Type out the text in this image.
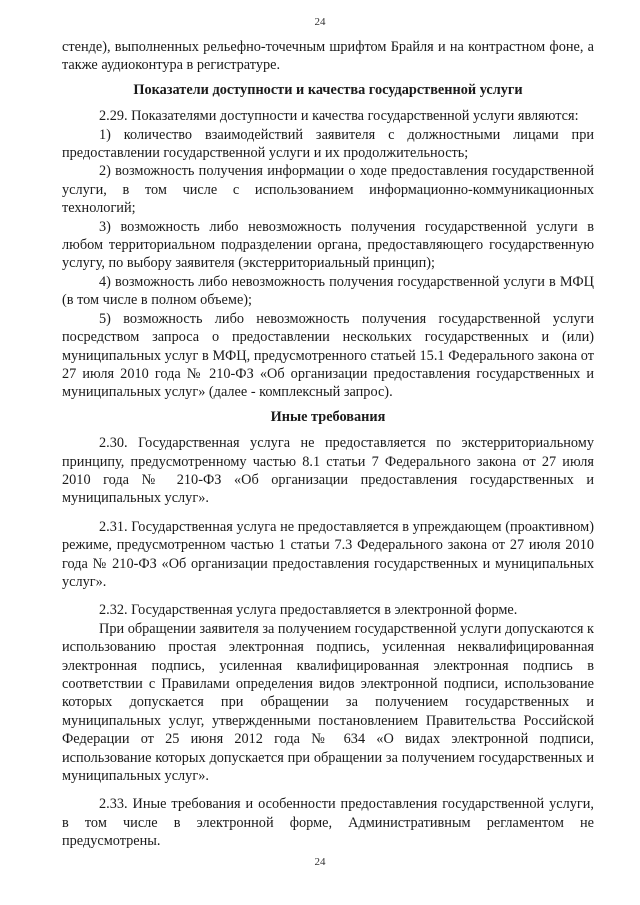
24

стенде), выполненных рельефно-точечным шрифтом Брайля и на контрастном фоне, а также аудиоконтура в регистратуре.

Показатели доступности и качества государственной услуги

2.29. Показателями доступности и качества государственной услуги являются:

1) количество взаимодействий заявителя с должностными лицами при предоставлении государственной услуги и их продолжительность;

2) возможность получения информации о ходе предоставления государственной услуги, в том числе с использованием информационно-коммуникационных технологий;

3) возможность либо невозможность получения государственной услуги в любом территориальном подразделении органа, предоставляющего государственную услугу, по выбору заявителя (экстерриториальный принцип);

4) возможность либо невозможность получения государственной услуги в МФЦ (в том числе в полном объеме);

5) возможность либо невозможность получения государственной услуги посредством запроса о предоставлении нескольких государственных и (или) муниципальных услуг в МФЦ, предусмотренного статьей 15.1 Федерального закона от 27 июля 2010 года № 210-ФЗ «Об организации предоставления государственных и муниципальных услуг» (далее - комплексный запрос).

Иные требования

2.30. Государственная услуга не предоставляется по экстерриториальному принципу, предусмотренному частью 8.1 статьи 7 Федерального закона от 27 июля 2010 года № 210-ФЗ «Об организации предоставления государственных и муниципальных услуг».

2.31. Государственная услуга не предоставляется в упреждающем (проактивном) режиме, предусмотренном частью 1 статьи 7.3 Федерального закона от 27 июля 2010 года № 210-ФЗ «Об организации предоставления государственных и муниципальных услуг».

2.32. Государственная услуга предоставляется в электронной форме.

При обращении заявителя за получением государственной услуги допускаются к использованию простая электронная подпись, усиленная неквалифицированная электронная подпись, усиленная квалифицированная электронная подпись в соответствии с Правилами определения видов электронной подписи, использование которых допускается при обращении за получением государственных и муниципальных услуг, утвержденными постановлением Правительства Российской Федерации от 25 июня 2012 года № 634 «О видах электронной подписи, использование которых допускается при обращении за получением государственных и муниципальных услуг».

2.33. Иные требования и особенности предоставления государственной услуги, в том числе в электронной форме, Административным регламентом не предусмотрены.

24
